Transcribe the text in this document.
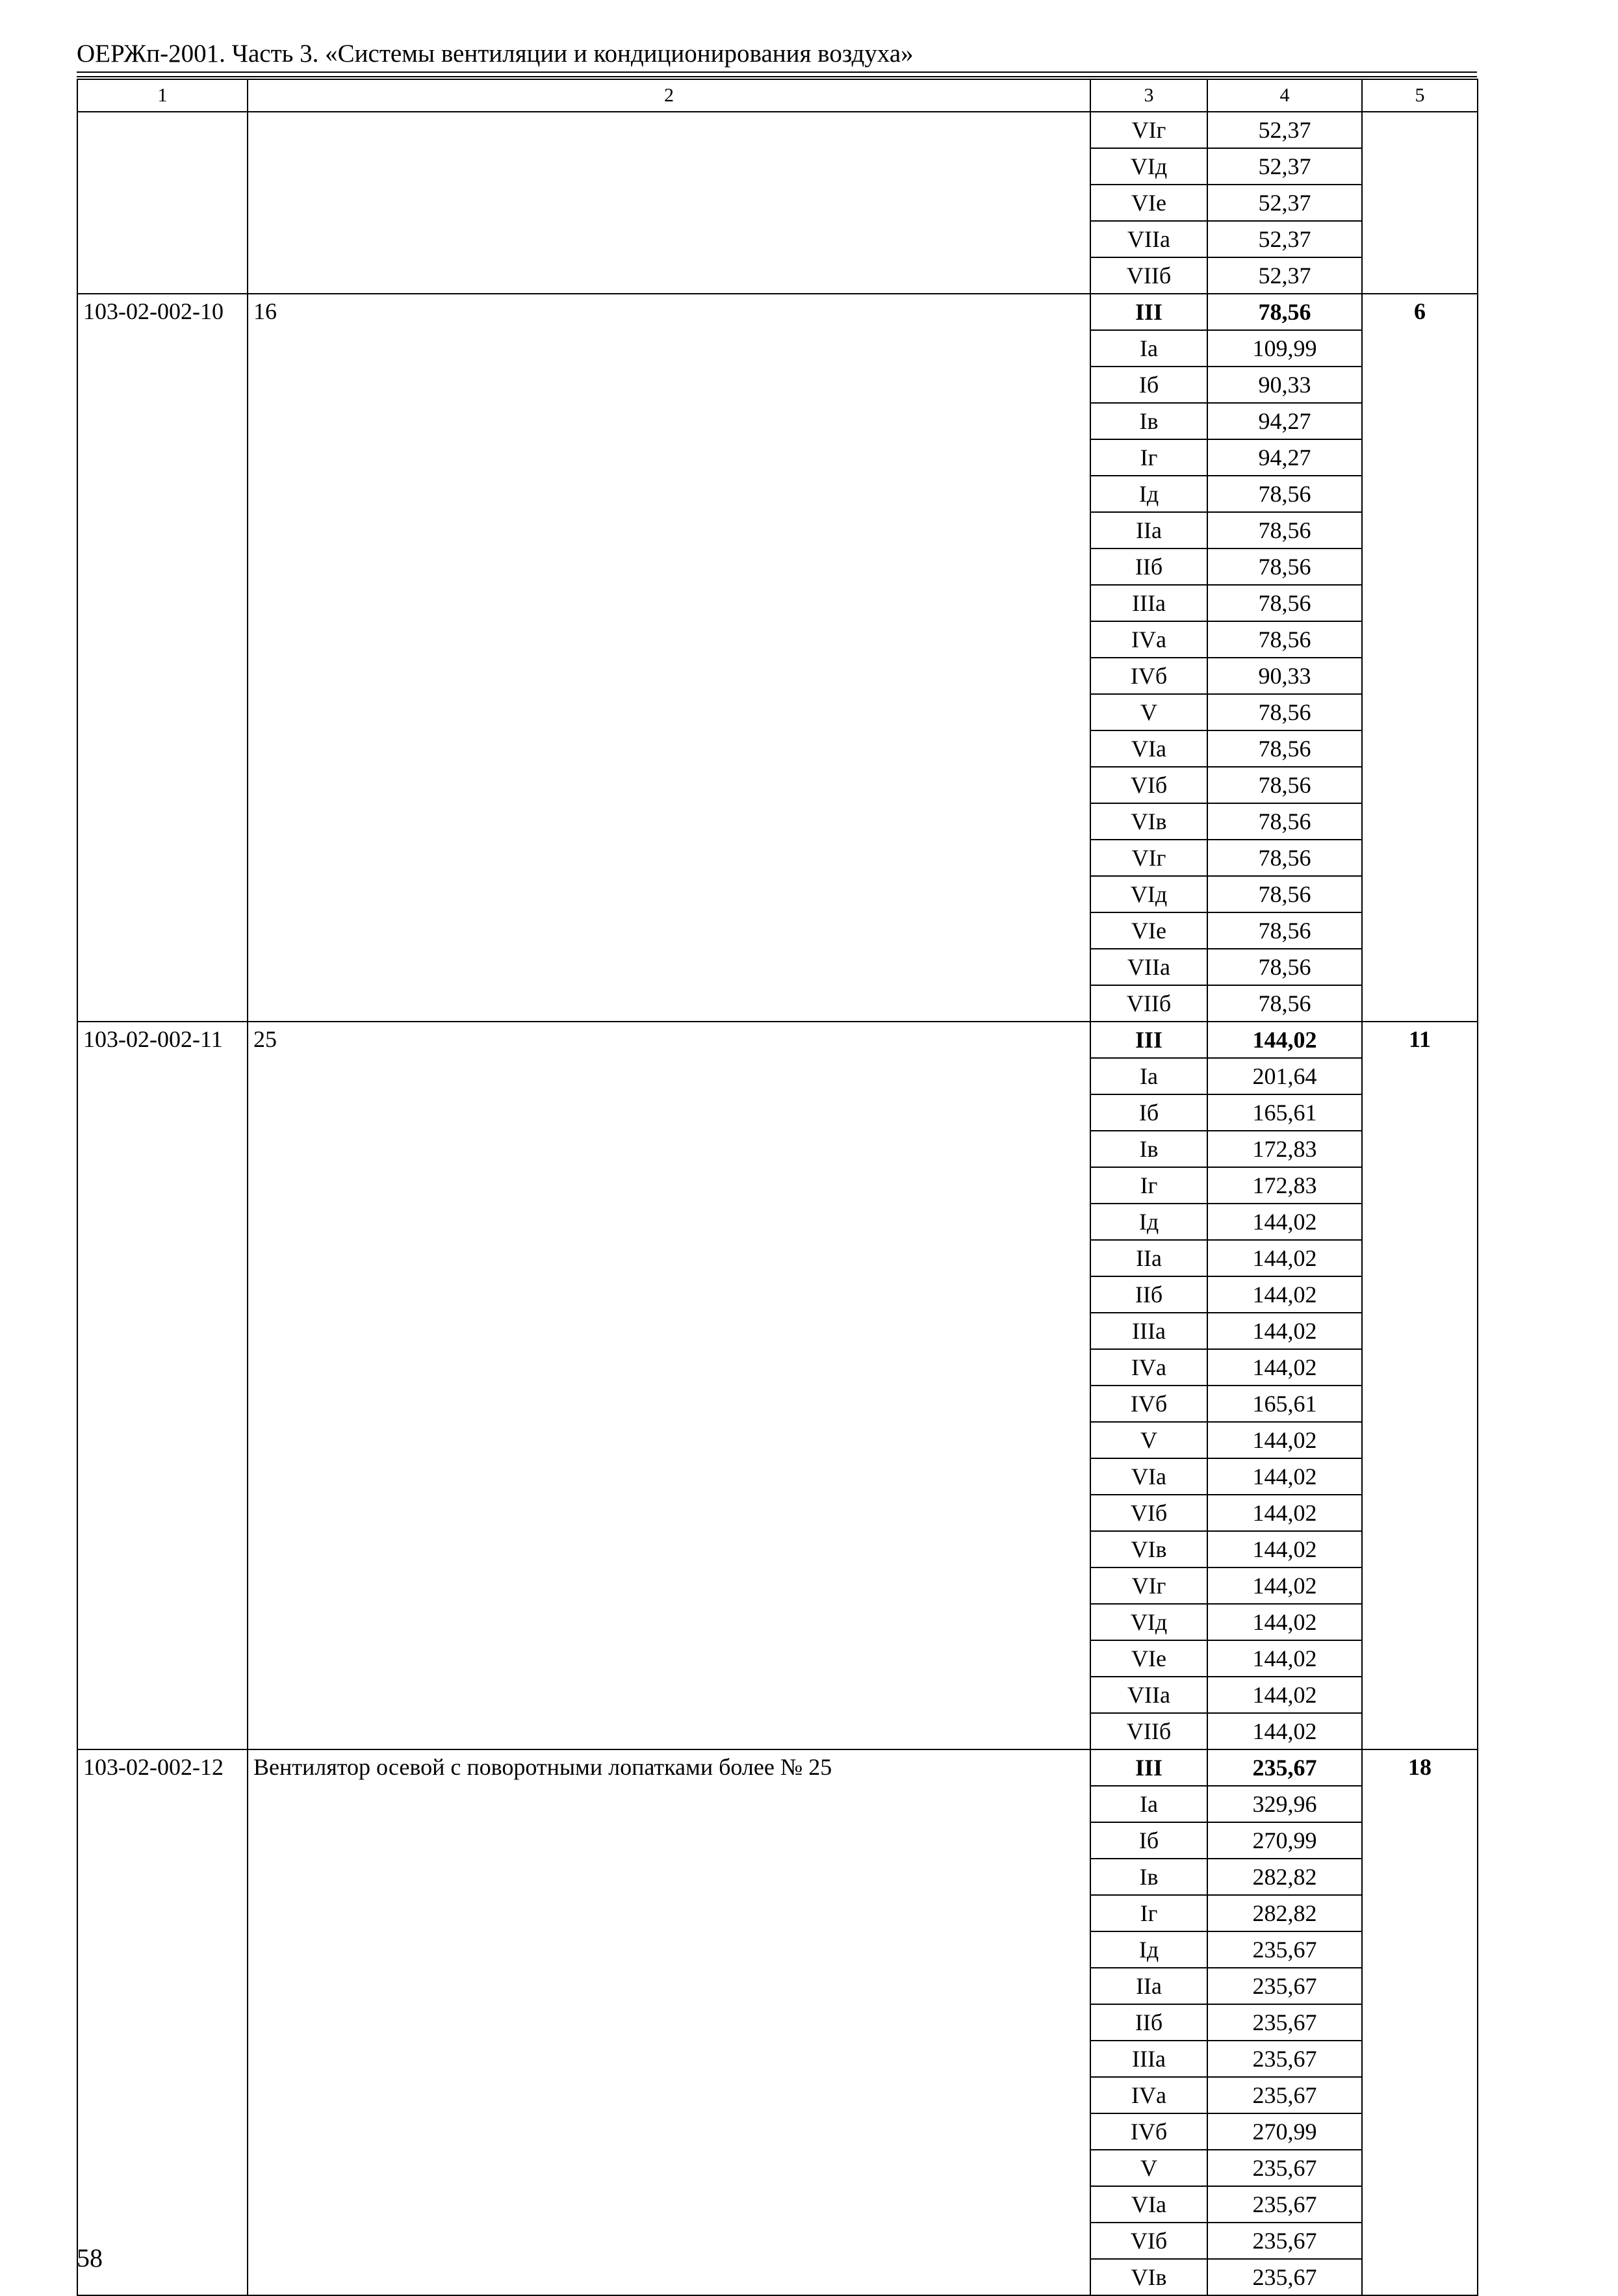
ОЕРЖп-2001. Часть 3. «Системы вентиляции и кондиционирования воздуха»
1	2	3	4	5
		VIг	52,37	
		VIд	52,37	
		VIе	52,37	
		VIIа	52,37	
		VIIб	52,37	
103-02-002-10	16	III	78,56	6
		Iа	109,99	
		Iб	90,33	
		Iв	94,27	
		Iг	94,27	
		Iд	78,56	
		IIа	78,56	
		IIб	78,56	
		IIIа	78,56	
		IVа	78,56	
		IVб	90,33	
		V	78,56	
		VIа	78,56	
		VIб	78,56	
		VIв	78,56	
		VIг	78,56	
		VIд	78,56	
		VIе	78,56	
		VIIа	78,56	
		VIIб	78,56	
103-02-002-11	25	III	144,02	11
		Iа	201,64	
		Iб	165,61	
		Iв	172,83	
		Iг	172,83	
		Iд	144,02	
		IIа	144,02	
		IIб	144,02	
		IIIа	144,02	
		IVа	144,02	
		IVб	165,61	
		V	144,02	
		VIа	144,02	
		VIб	144,02	
		VIв	144,02	
		VIг	144,02	
		VIд	144,02	
		VIе	144,02	
		VIIа	144,02	
		VIIб	144,02	
103-02-002-12	Вентилятор осевой с поворотными лопатками более № 25	III	235,67	18
		Iа	329,96	
		Iб	270,99	
		Iв	282,82	
		Iг	282,82	
		Iд	235,67	
		IIа	235,67	
		IIб	235,67	
		IIIа	235,67	
		IVа	235,67	
		IVб	270,99	
		V	235,67	
		VIа	235,67	
		VIб	235,67	
		VIв	235,67	
58
